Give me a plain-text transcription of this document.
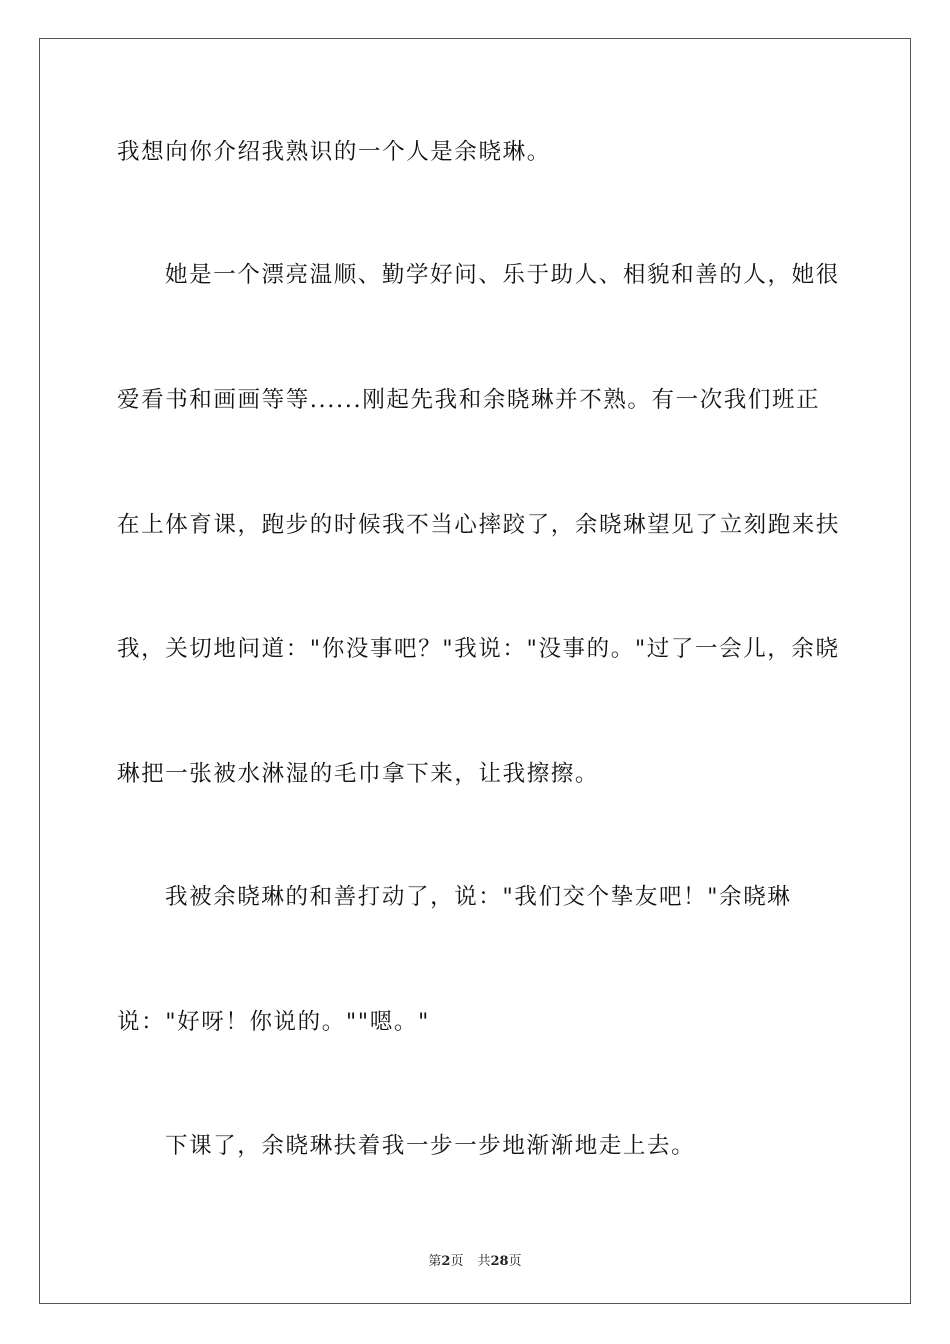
我想向你介绍我熟识的一个人是余晓琳。
她是一个漂亮温顺、勤学好问、乐于助人、相貌和善的人，她很
爱看书和画画等等......刚起先我和余晓琳并不熟。有一次我们班正
在上体育课，跑步的时候我不当心摔跤了，余晓琳望见了立刻跑来扶
我，关切地问道："你没事吧？"我说："没事的。"过了一会儿，余晓
琳把一张被水淋湿的毛巾拿下来，让我擦擦。
我被余晓琳的和善打动了，说："我们交个挚友吧！"余晓琳
说："好呀！你说的。""嗯。"
下课了，余晓琳扶着我一步一步地渐渐地走上去。
第2页 共28页
